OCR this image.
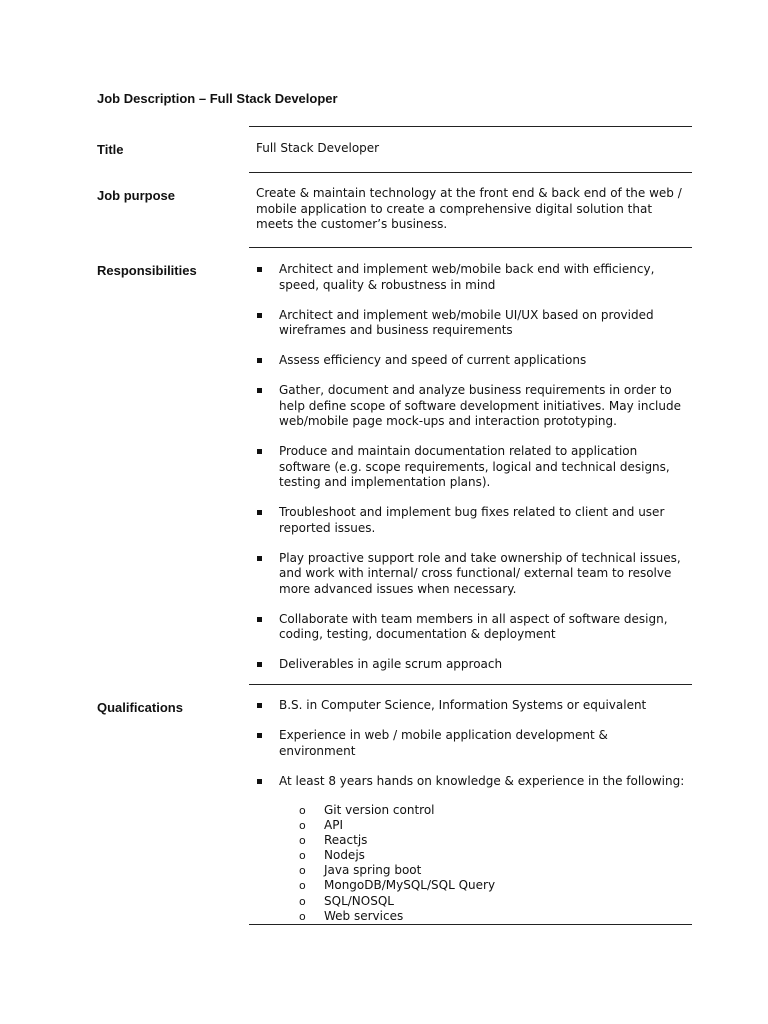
Job Description – Full Stack Developer
Title	Full Stack Developer
Job purpose	Create & maintain technology at the front end & back end of the web / mobile application to create a comprehensive digital solution that meets the customer’s business.

Responsibilities	Architect and implement web/mobile back end with efficiency, speed, quality & robustness in mind
Architect and implement web/mobile UI/UX based on provided wireframes and business requirements
Assess efficiency and speed of current applications
Gather, document and analyze business requirements in order to help define scope of software development initiatives. May include web/mobile page mock-ups and interaction prototyping.
Produce and maintain documentation related to application software (e.g. scope requirements, logical and technical designs, testing and implementation plans).
Troubleshoot and implement bug fixes related to client and user reported issues.
Play proactive support role and take ownership of technical issues, and work with internal/ cross functional/ external team to resolve more advanced issues when necessary.
Collaborate with team members in all aspect of software design, coding, testing, documentation & deployment
Deliverables in agile scrum approach
Qualifications	B.S. in Computer Science, Information Systems or equivalent
Experience in web / mobile application development & environment
At least 8 years hands on knowledge & experience in the following:
o Git version control
o API
o Reactjs
o Nodejs
o Java spring boot
o MongoDB/MySQL/SQL Query
o SQL/NOSQL
o Web services
